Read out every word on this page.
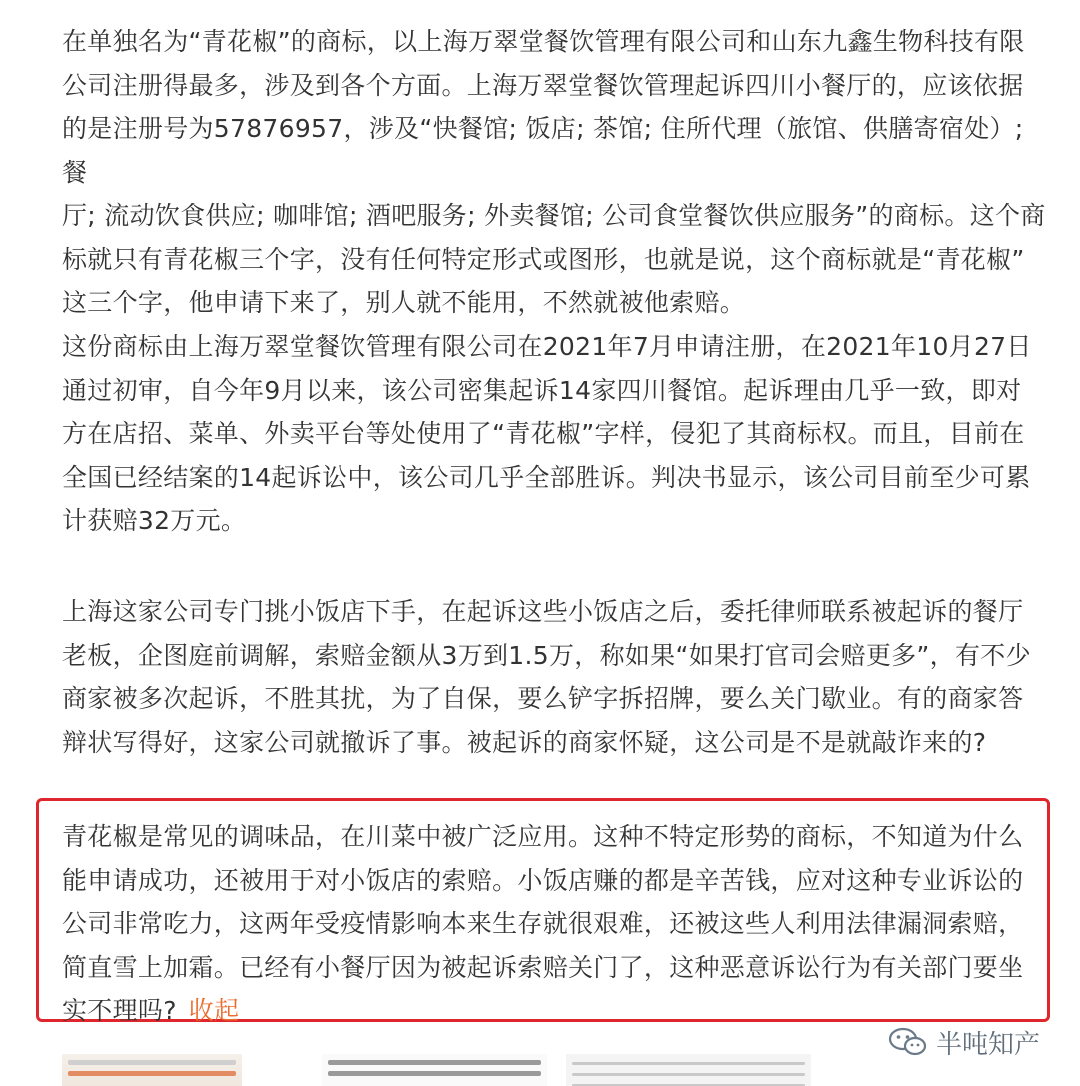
在单独名为“青花椒”的商标，以上海万翠堂餐饮管理有限公司和山东九鑫生物科技有限
公司注册得最多，涉及到各个方面。上海万翠堂餐饮管理起诉四川小餐厅的，应该依据
的是注册号为57876957，涉及“快餐馆; 饭店; 茶馆; 住所代理（旅馆、供膳寄宿处）; 餐
厅; 流动饮食供应; 咖啡馆; 酒吧服务; 外卖餐馆; 公司食堂餐饮供应服务”的商标。这个商
标就只有青花椒三个字，没有任何特定形式或图形，也就是说，这个商标就是“青花椒”
这三个字，他申请下来了，别人就不能用，不然就被他索赔。

这份商标由上海万翠堂餐饮管理有限公司在2021年7月申请注册，在2021年10月27日
通过初审，自今年9月以来，该公司密集起诉14家四川餐馆。起诉理由几乎一致，即对
方在店招、菜单、外卖平台等处使用了“青花椒”字样，侵犯了其商标权。而且，目前在
全国已经结案的14起诉讼中，该公司几乎全部胜诉。判决书显示，该公司目前至少可累
计获赔32万元。

上海这家公司专门挑小饭店下手，在起诉这些小饭店之后，委托律师联系被起诉的餐厅
老板，企图庭前调解，索赔金额从3万到1.5万，称如果“如果打官司会赔更多”，有不少
商家被多次起诉，不胜其扰，为了自保，要么铲字拆招牌，要么关门歇业。有的商家答
辩状写得好，这家公司就撤诉了事。被起诉的商家怀疑，这公司是不是就敲诈来的?

青花椒是常见的调味品，在川菜中被广泛应用。这种不特定形势的商标，不知道为什么能申请成功，还被用于对小饭店的索赔。小饭店赚的都是辛苦钱，应对这种专业诉讼的公司非常吃力，这两年受疫情影响本来生存就很艰难，还被这些人利用法律漏洞索赔，简直雪上加霜。已经有小餐厅因为被起诉索赔关门了，这种恶意诉讼行为有关部门要坐实不理吗? 收起

半吨知产
